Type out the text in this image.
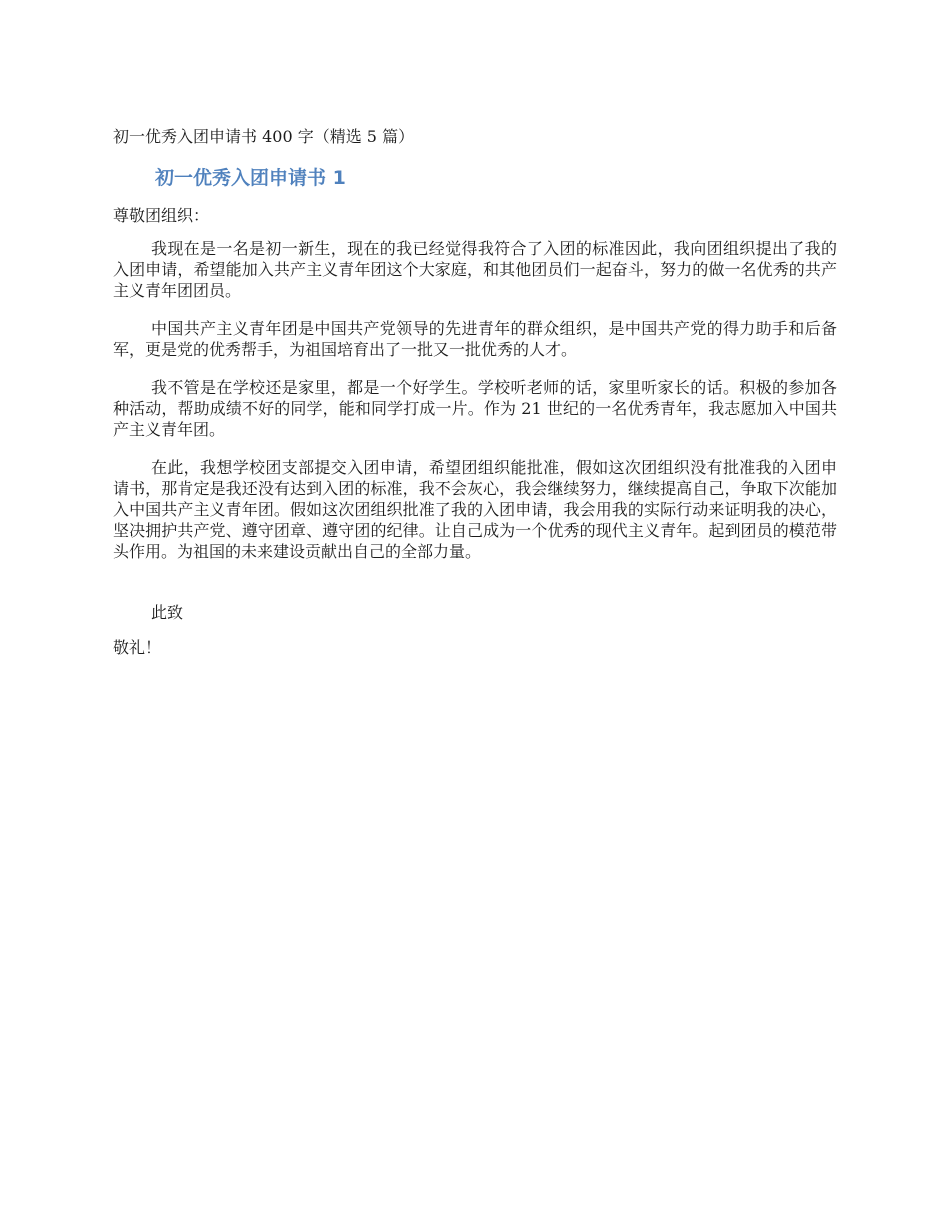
初一优秀入团申请书 400 字（精选 5 篇）
初一优秀入团申请书 1

尊敬团组织：

我现在是一名是初一新生，现在的我已经觉得我符合了入团的标准因此，我向团组织提出了我的入团申请，希望能加入共产主义青年团这个大家庭，和其他团员们一起奋斗，努力的做一名优秀的共产主义青年团团员。

中国共产主义青年团是中国共产党领导的先进青年的群众组织，是中国共产党的得力助手和后备军，更是党的优秀帮手，为祖国培育出了一批又一批优秀的人才。

我不管是在学校还是家里，都是一个好学生。学校听老师的话，家里听家长的话。积极的参加各种活动，帮助成绩不好的同学，能和同学打成一片。作为 21 世纪的一名优秀青年，我志愿加入中国共产主义青年团。

在此，我想学校团支部提交入团申请，希望团组织能批准，假如这次团组织没有批准我的入团申请书，那肯定是我还没有达到入团的标准，我不会灰心，我会继续努力，继续提高自己，争取下次能加入中国共产主义青年团。假如这次团组织批准了我的入团申请，我会用我的实际行动来证明我的决心，坚决拥护共产党、遵守团章、遵守团的纪律。让自己成为一个优秀的现代主义青年。起到团员的模范带头作用。为祖国的未来建设贡献出自己的全部力量。

此致

敬礼！
